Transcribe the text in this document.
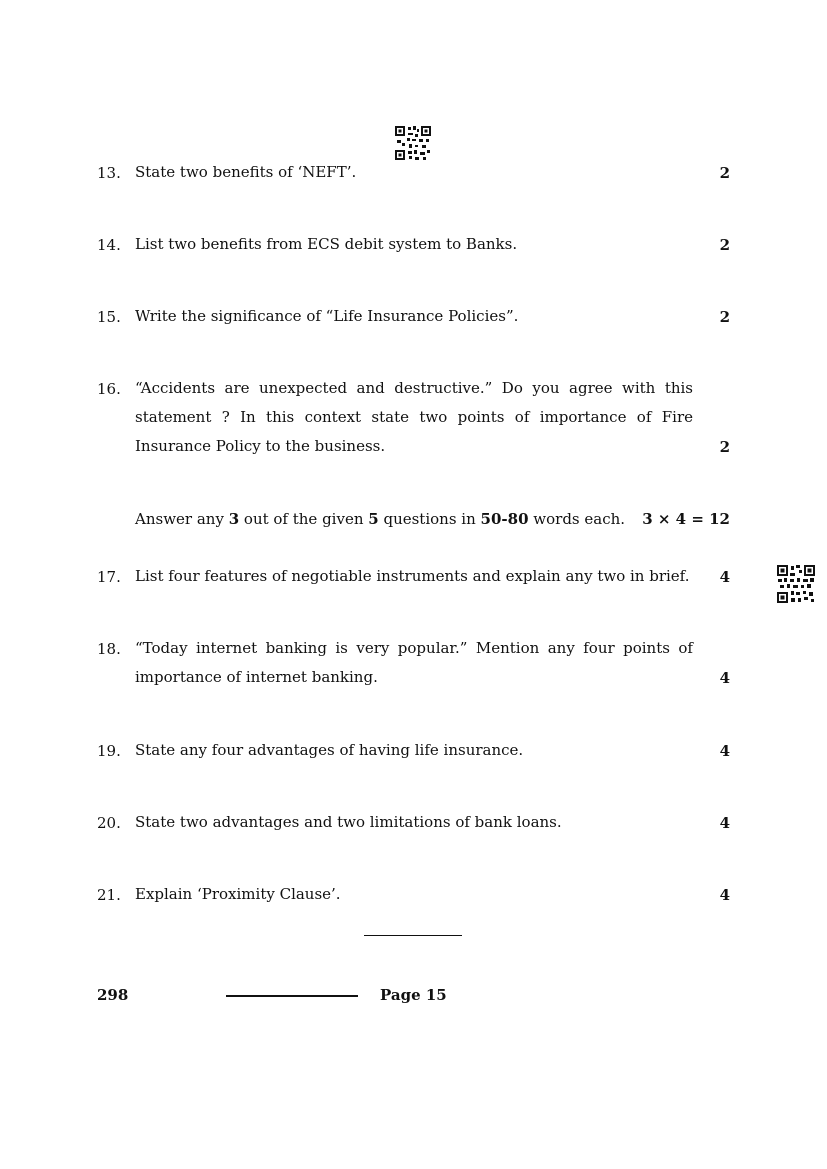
13. State two benefits of ‘NEFT’.	2
14. List two benefits from ECS debit system to Banks.	2
15. Write the significance of “Life Insurance Policies”.	2
16. “Accidents are unexpected and destructive.” Do you agree with this
statement ? In this context state two points of importance of Fire
Insurance Policy to the business.	2
Answer any 3 out of the given 5 questions in 50-80 words each. 3 × 4 = 12
17. List four features of negotiable instruments and explain any two in brief.	4
18. “Today internet banking is very popular.” Mention any four points of
importance of internet banking.	4
19. State any four advantages of having life insurance.	4
20. State two advantages and two limitations of bank loans.	4
21. Explain ‘Proximity Clause’.	4
298	Page 15
